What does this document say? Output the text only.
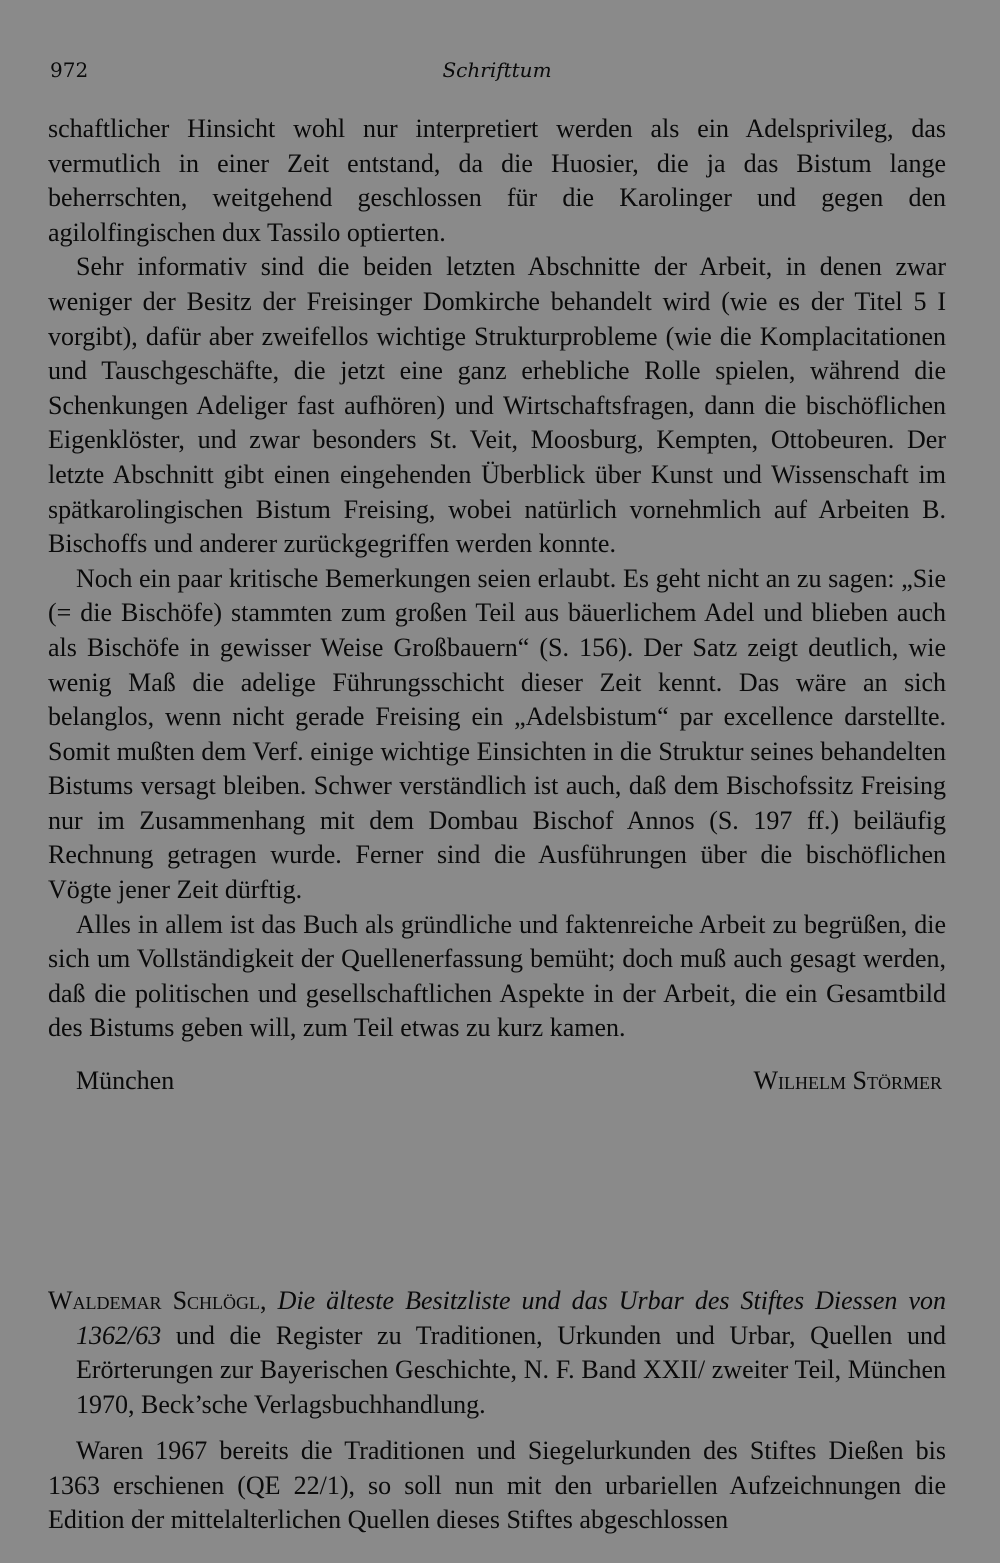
972	Schrifttum

schaftlicher Hinsicht wohl nur interpretiert werden als ein Adelsprivileg, das vermutlich in einer Zeit entstand, da die Huosier, die ja das Bistum lange beherrschten, weitgehend geschlossen für die Karolinger und gegen den agilolfingischen dux Tassilo optierten.

Sehr informativ sind die beiden letzten Abschnitte der Arbeit, in denen zwar weniger der Besitz der Freisinger Domkirche behandelt wird (wie es der Titel 5 I vorgibt), dafür aber zweifellos wichtige Strukturprobleme (wie die Komplacitationen und Tauschgeschäfte, die jetzt eine ganz erhebliche Rolle spielen, während die Schenkungen Adeliger fast aufhören) und Wirtschaftsfragen, dann die bischöflichen Eigenklöster, und zwar besonders St. Veit, Moosburg, Kempten, Ottobeuren. Der letzte Abschnitt gibt einen eingehenden Überblick über Kunst und Wissenschaft im spätkarolingischen Bistum Freising, wobei natürlich vornehmlich auf Arbeiten B. Bischoffs und anderer zurückgegriffen werden konnte.

Noch ein paar kritische Bemerkungen seien erlaubt. Es geht nicht an zu sagen: „Sie (= die Bischöfe) stammten zum großen Teil aus bäuerlichem Adel und blieben auch als Bischöfe in gewisser Weise Großbauern“ (S. 156). Der Satz zeigt deutlich, wie wenig Maß die adelige Führungsschicht dieser Zeit kennt. Das wäre an sich belanglos, wenn nicht gerade Freising ein „Adelsbistum“ par excellence darstellte. Somit mußten dem Verf. einige wichtige Einsichten in die Struktur seines behandelten Bistums versagt bleiben. Schwer verständlich ist auch, daß dem Bischofssitz Freising nur im Zusammenhang mit dem Dombau Bischof Annos (S. 197 ff.) beiläufig Rechnung getragen wurde. Ferner sind die Ausführungen über die bischöflichen Vögte jener Zeit dürftig.

Alles in allem ist das Buch als gründliche und faktenreiche Arbeit zu begrüßen, die sich um Vollständigkeit der Quellenerfassung bemüht; doch muß auch gesagt werden, daß die politischen und gesellschaftlichen Aspekte in der Arbeit, die ein Gesamtbild des Bistums geben will, zum Teil etwas zu kurz kamen.

München	Wilhelm Störmer
Waldemar Schlögl, Die älteste Besitzliste und das Urbar des Stiftes Diessen von 1362/63 und die Register zu Traditionen, Urkunden und Urbar, Quellen und Erörterungen zur Bayerischen Geschichte, N. F. Band XXII/ zweiter Teil, München 1970, Beck’sche Verlagsbuchhandlung.

Waren 1967 bereits die Traditionen und Siegelurkunden des Stiftes Dießen bis 1363 erschienen (QE 22/1), so soll nun mit den urbariellen Aufzeichnungen die Edition der mittelalterlichen Quellen dieses Stiftes abgeschlossen
